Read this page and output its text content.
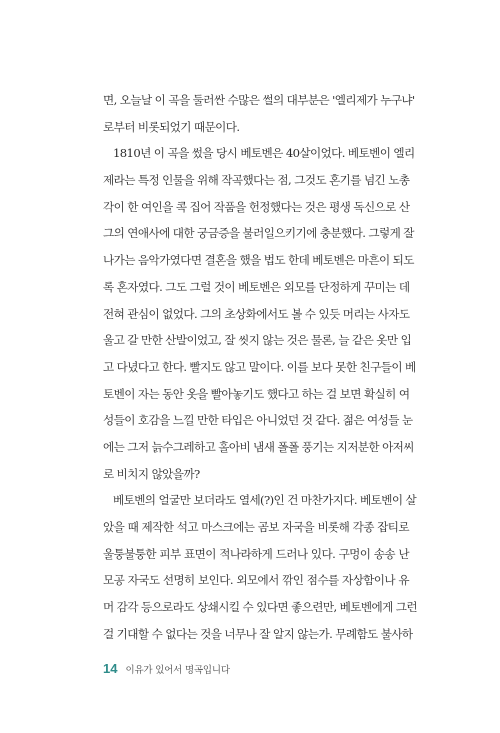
면, 오늘날 이 곡을 둘러싼 수많은 썰의 대부분은 '엘리제가 누구냐'
로부터 비롯되었기 때문이다.
1810년 이 곡을 썼을 당시 베토벤은 40살이었다. 베토벤이 엘리
제라는 특정 인물을 위해 작곡했다는 점, 그것도 혼기를 넘긴 노총
각이 한 여인을 콕 집어 작품을 헌정했다는 것은 평생 독신으로 산
그의 연애사에 대한 궁금증을 불러일으키기에 충분했다. 그렇게 잘
나가는 음악가였다면 결혼을 했을 법도 한데 베토벤은 마흔이 되도
록 혼자였다. 그도 그럴 것이 베토벤은 외모를 단정하게 꾸미는 데
전혀 관심이 없었다. 그의 초상화에서도 볼 수 있듯 머리는 사자도
울고 갈 만한 산발이었고, 잘 씻지 않는 것은 물론, 늘 같은 옷만 입
고 다녔다고 한다. 빨지도 않고 말이다. 이를 보다 못한 친구들이 베
토벤이 자는 동안 옷을 빨아놓기도 했다고 하는 걸 보면 확실히 여
성들이 호감을 느낄 만한 타입은 아니었던 것 같다. 젊은 여성들 눈
에는 그저 늙수그레하고 홀아비 냄새 폴폴 풍기는 지저분한 아저씨
로 비치지 않았을까?
베토벤의 얼굴만 보더라도 열세(?)인 건 마찬가지다. 베토벤이 살
았을 때 제작한 석고 마스크에는 곰보 자국을 비롯해 각종 잡티로
울퉁불퉁한 피부 표면이 적나라하게 드러나 있다. 구멍이 송송 난
모공 자국도 선명히 보인다. 외모에서 깎인 점수를 자상함이나 유
머 감각 등으로라도 상쇄시킬 수 있다면 좋으련만, 베토벤에게 그런
걸 기대할 수 없다는 것을 너무나 잘 알지 않는가. 무례함도 불사하
14 이유가 있어서 명곡입니다
